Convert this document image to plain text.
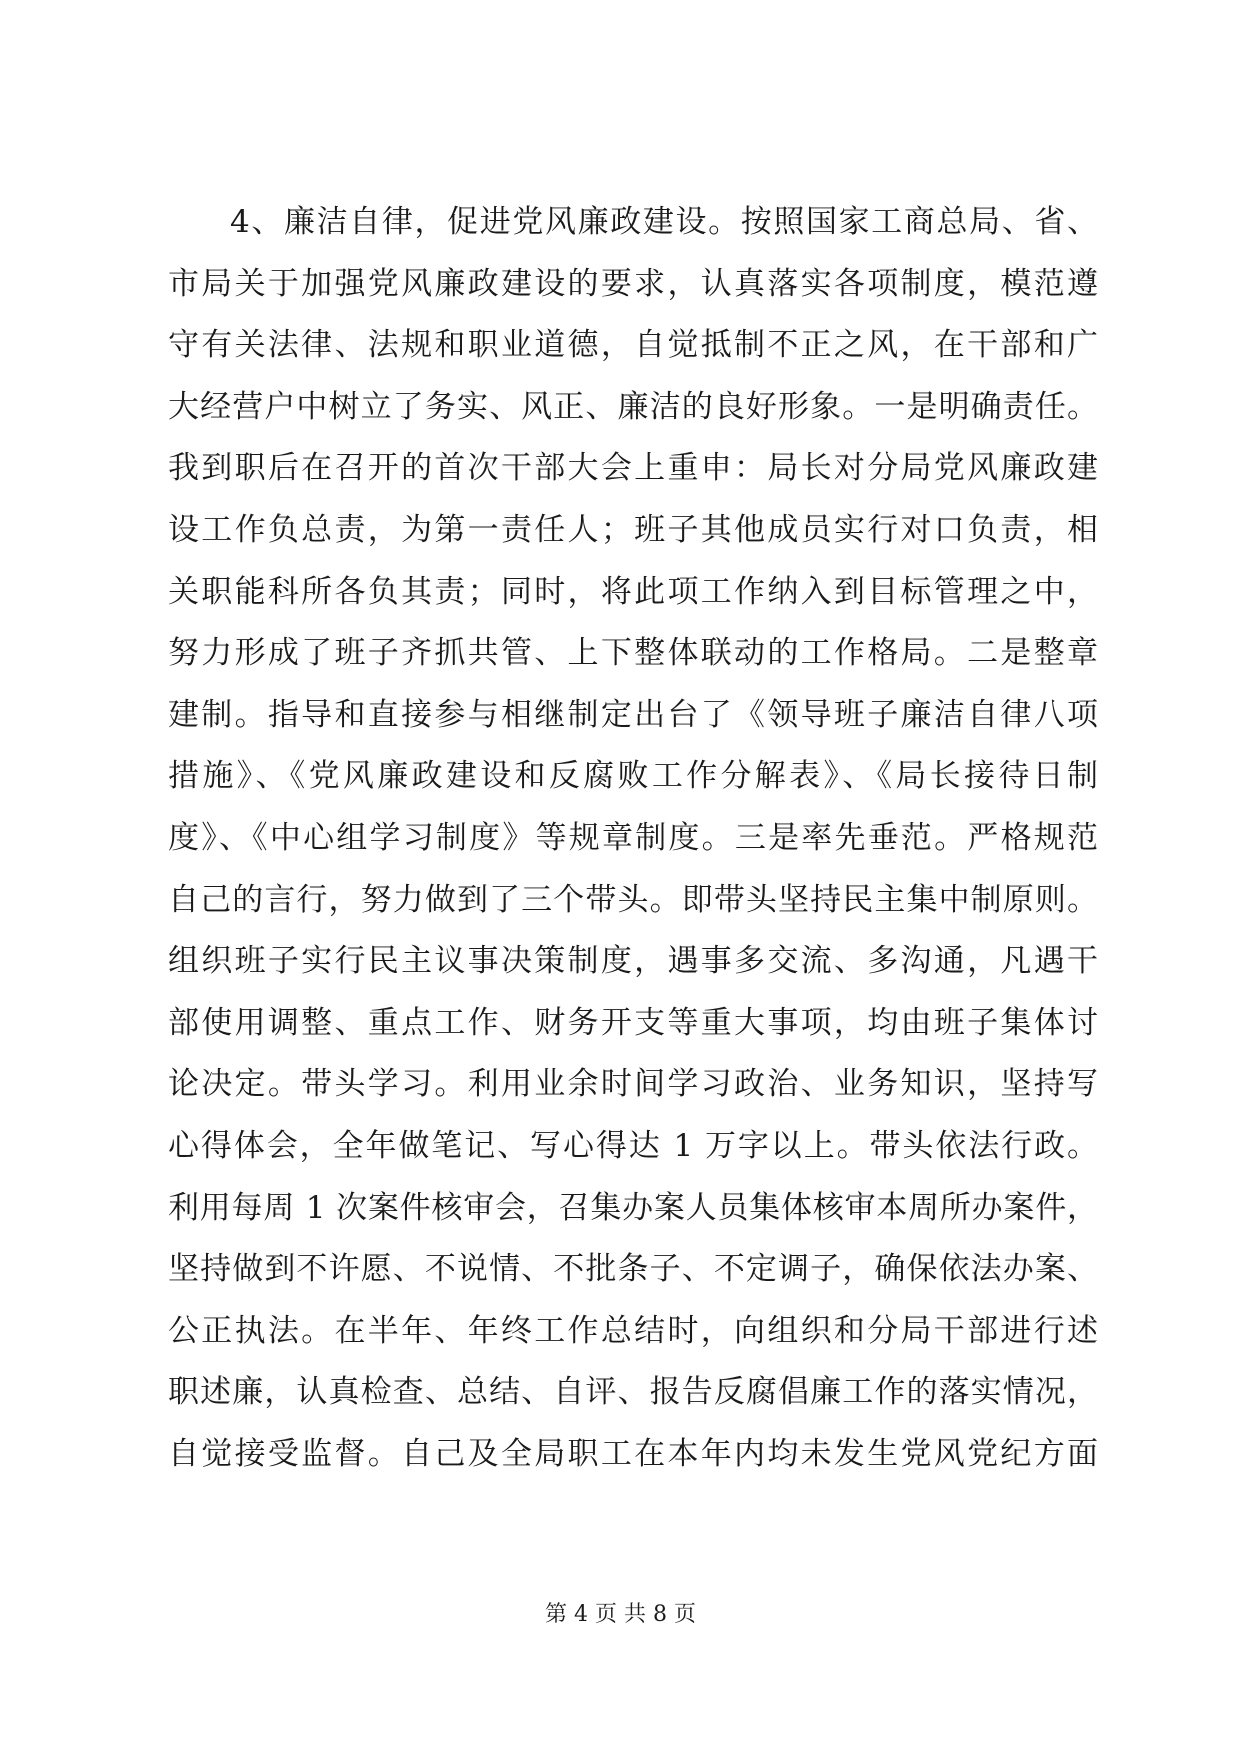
4、廉洁自律，促进党风廉政建设。按照国家工商总局、省、
市局关于加强党风廉政建设的要求，认真落实各项制度，模范遵
守有关法律、法规和职业道德，自觉抵制不正之风，在干部和广
大经营户中树立了务实、风正、廉洁的良好形象。一是明确责任。
我到职后在召开的首次干部大会上重申：局长对分局党风廉政建
设工作负总责，为第一责任人；班子其他成员实行对口负责，相
关职能科所各负其责；同时，将此项工作纳入到目标管理之中，
努力形成了班子齐抓共管、上下整体联动的工作格局。二是整章
建制。指导和直接参与相继制定出台了《领导班子廉洁自律八项
措施》、《党风廉政建设和反腐败工作分解表》、《局长接待日制
度》、《中心组学习制度》等规章制度。三是率先垂范。严格规范
自己的言行，努力做到了三个带头。即带头坚持民主集中制原则。
组织班子实行民主议事决策制度，遇事多交流、多沟通，凡遇干
部使用调整、重点工作、财务开支等重大事项，均由班子集体讨
论决定。带头学习。利用业余时间学习政治、业务知识，坚持写
心得体会，全年做笔记、写心得达 1 万字以上。带头依法行政。
利用每周 1 次案件核审会，召集办案人员集体核审本周所办案件，
坚持做到不许愿、不说情、不批条子、不定调子，确保依法办案、
公正执法。在半年、年终工作总结时，向组织和分局干部进行述
职述廉，认真检查、总结、自评、报告反腐倡廉工作的落实情况，
自觉接受监督。自己及全局职工在本年内均未发生党风党纪方面
第 4 页 共 8 页
